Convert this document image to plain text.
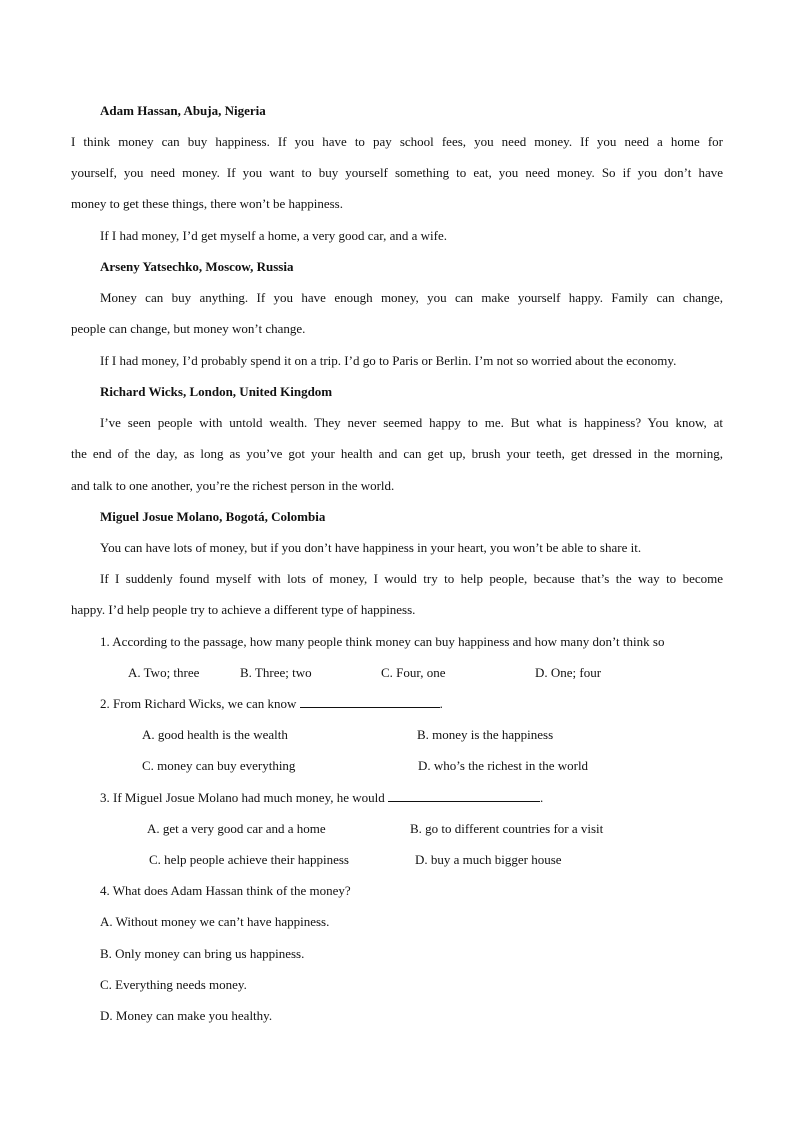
Adam Hassan, Abuja, Nigeria
I think money can buy happiness. If you have to pay school fees, you need money. If you need a home for
yourself, you need money. If you want to buy yourself something to eat, you need money. So if you don’t have
money to get these things, there won’t be happiness.
If I had money, I’d get myself a home, a very good car, and a wife.
Arseny Yatsechko, Moscow, Russia
Money can buy anything. If you have enough money, you can make yourself happy. Family can change,
people can change, but money won’t change.
If I had money, I’d probably spend it on a trip. I’d go to Paris or Berlin. I’m not so worried about the economy.
Richard Wicks, London, United Kingdom
I’ve seen people with untold wealth. They never seemed happy to me. But what is happiness? You know, at
the end of the day, as long as you’ve got your health and can get up, brush your teeth, get dressed in the morning,
and talk to one another, you’re the richest person in the world.
Miguel Josue Molano, Bogotá, Colombia
You can have lots of money, but if you don’t have happiness in your heart, you won’t be able to share it.
If I suddenly found myself with lots of money, I would try to help people, because that’s the way to become
happy. I’d help people try to achieve a different type of happiness.
1. According to the passage, how many people think money can buy happiness and how many don’t think so
A. Two; three	B. Three; two	C. Four, one	D. One; four
2. From Richard Wicks, we can know	.
A. good health is the wealth	B. money is the happiness
C. money can buy everything	D. who’s the richest in the world
3. If Miguel Josue Molano had much money, he would	.
A. get a very good car and a home	B. go to different countries for a visit
C. help people achieve their happiness	D. buy a much bigger house
4. What does Adam Hassan think of the money?
A. Without money we can’t have happiness.
B. Only money can bring us happiness.
C. Everything needs money.
D. Money can make you healthy.
